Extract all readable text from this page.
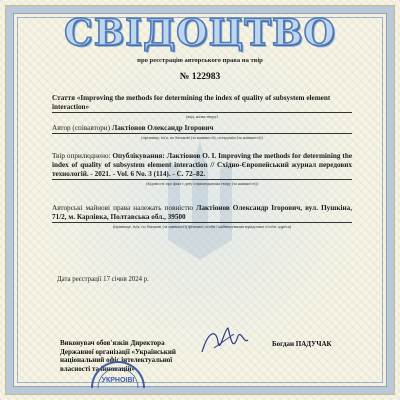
СВІДОЦТВО
про реєстрацію авторського права на твір
№ 122983
Стаття «Improving the methods for determining the index of quality of subsystem element interaction»
(вид, назва твору)
Автор (співавтори) Лактіонов Олександр Ігорович
(прізвище, ім'я, по батькові (за наявності), псевдонім (за наявності))
Твір оприлюднено: Опублікування: Лактіонов О. І. Improving the methods for determining the index of quality of subsystem element interaction // Східно-Європейський журнал передових технологій. - 2021. - Vol. 6 No. 3 (114). - С. 72–82.
(відомості про факт і дату оприлюднення твору (за наявності))
Авторські майнові права належать повністю Лактіонов Олександр Ігорович, вул. Пушкіна, 71/2, м. Карлівка, Полтавська обл., 39500
(прізвище, ім'я, по батькові (за наявності) фізичної особи / найменування юридичної особи, адреса)
Дата реєстрації 17 січня 2024 р.
Виконувач обов'язків Директора Державної організації «Український національний офіс інтелектуальної власності та інновацій»
Богдан ПАДУЧАК
УКРНОІВІ
